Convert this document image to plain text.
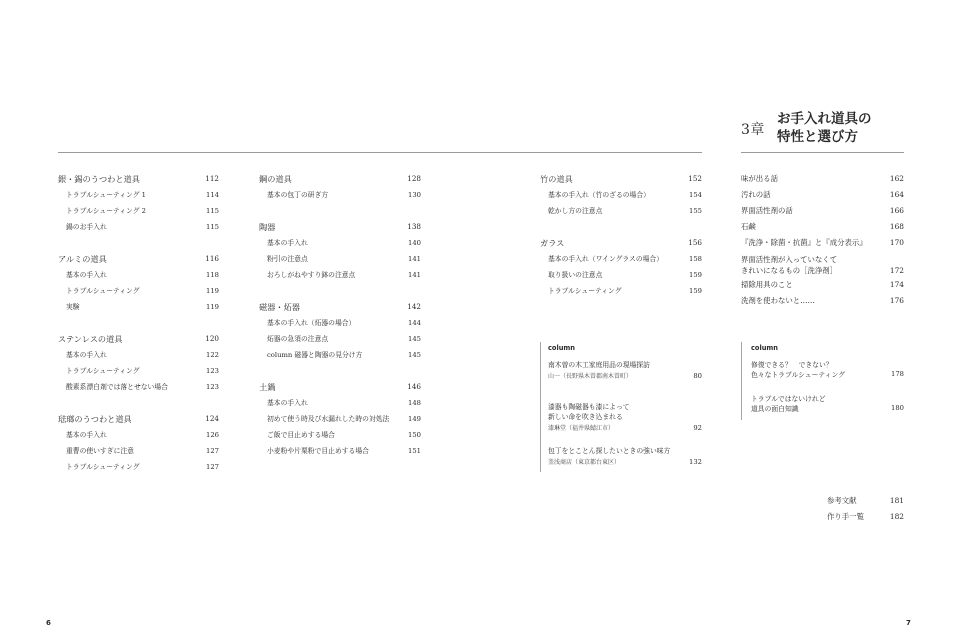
3章
お手入れ道具の
特性と選び方
銀・錫のうつわと道具	112
トラブルシューティング 1	114
トラブルシューティング 2	115
錫のお手入れ	115
アルミの道具	116
基本の手入れ	118
トラブルシューティング	119
実験	119
ステンレスの道具	120
基本の手入れ	122
トラブルシューティング	123
酸素系漂白剤では落とせない場合	123
琺瑯のうつわと道具	124
基本の手入れ	126
重曹の使いすぎに注意	127
トラブルシューティング	127
鋼の道具	128
基本の包丁の研ぎ方	130
陶器	138
基本の手入れ	140
粉引の注意点	141
おろしがねやすり鉢の注意点	141
磁器・炻器	142
基本の手入れ（炻器の場合）	144
炻器の急須の注意点	145
column 磁器と陶器の見分け方	145
土鍋	146
基本の手入れ	148
初めて使う時及び水漏れした時の対処法	149
ご飯で目止めする場合	150
小麦粉や片栗粉で目止めする場合	151
竹の道具	152
基本の手入れ（竹のざるの場合）	154
乾かし方の注意点	155
ガラス	156
基本の手入れ（ワイングラスの場合）	158
取り扱いの注意点	159
トラブルシューティング	159
味が出る話	162
汚れの話	164
界面活性剤の話	166
石鹸	168
『洗浄・除菌・抗菌』と『成分表示』	170
界面活性剤が入っていなくて
きれいになるもの［洗浄剤］	172
掃除用具のこと	174
洗剤を使わないと……	176
column
南木曽の木工家庭用品の現場探訪
山一（長野県木曽郡南木曽町）	80
漆器も陶磁器も漆によって
新しい命を吹き込まれる
漆琳堂（福井県鯖江市）	92
包丁をとことん探したいときの強い味方
釜浅商店（東京都台東区）	132
column
修復できる？　できない？
色々なトラブルシューティング	178
トラブルではないけれど
道具の面白知識	180
参考文献	181
作り手一覧	182
6	7
